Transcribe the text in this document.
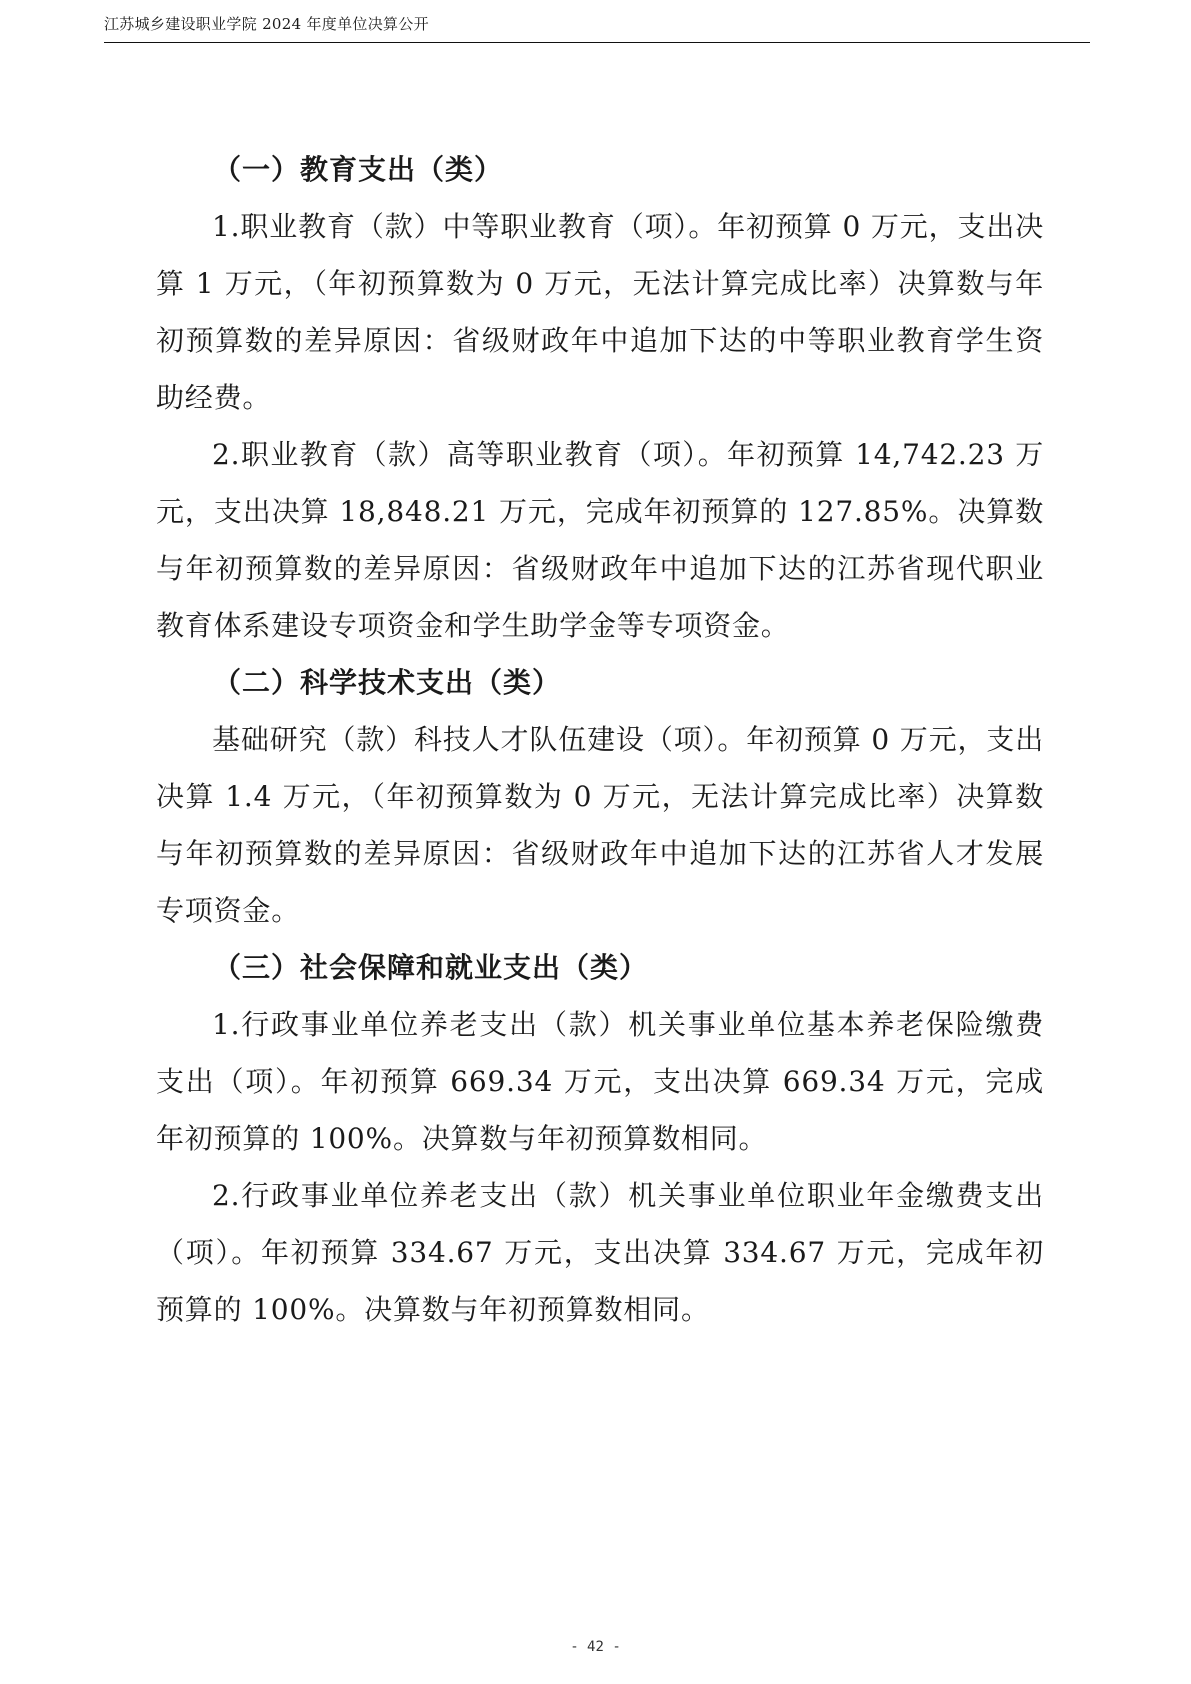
江苏城乡建设职业学院 2024 年度单位决算公开
（一）教育支出（类）

1.职业教育（款）中等职业教育（项）。年初预算 0 万元，支出决算 1 万元，（年初预算数为 0 万元，无法计算完成比率）决算数与年初预算数的差异原因：省级财政年中追加下达的中等职业教育学生资助经费。

2.职业教育（款）高等职业教育（项）。年初预算 14,742.23 万元，支出决算 18,848.21 万元，完成年初预算的 127.85%。决算数与年初预算数的差异原因：省级财政年中追加下达的江苏省现代职业教育体系建设专项资金和学生助学金等专项资金。

（二）科学技术支出（类）

基础研究（款）科技人才队伍建设（项）。年初预算 0 万元，支出决算 1.4 万元，（年初预算数为 0 万元，无法计算完成比率）决算数与年初预算数的差异原因：省级财政年中追加下达的江苏省人才发展专项资金。

（三）社会保障和就业支出（类）

1.行政事业单位养老支出（款）机关事业单位基本养老保险缴费支出（项）。年初预算 669.34 万元，支出决算 669.34 万元，完成年初预算的 100%。决算数与年初预算数相同。

2.行政事业单位养老支出（款）机关事业单位职业年金缴费支出（项）。年初预算 334.67 万元，支出决算 334.67 万元，完成年初预算的 100%。决算数与年初预算数相同。

- 42 -
